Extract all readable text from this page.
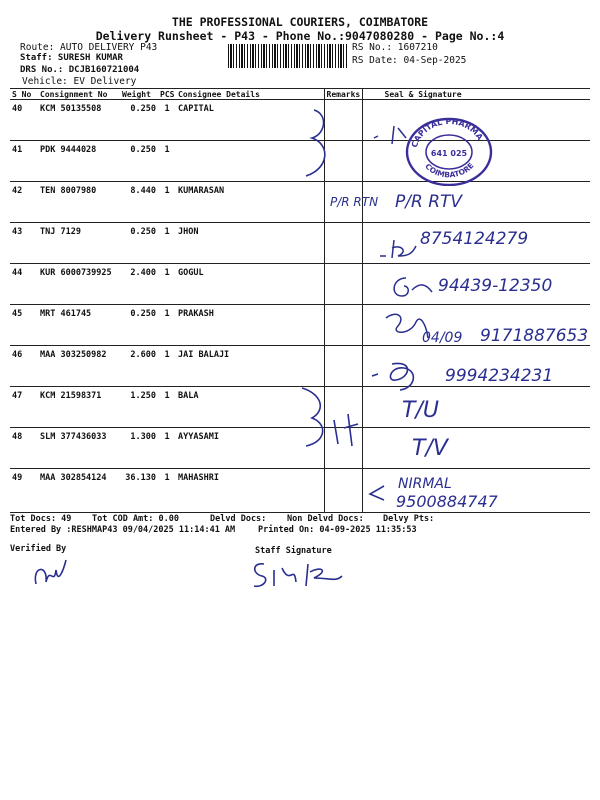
THE PROFESSIONAL COURIERS, COIMBATORE
Delivery Runsheet - P43 - Phone No.:9047080280 - Page No.:4
Route: AUTO DELIVERY P43
Staff: SURESH KUMAR
DRS No.: DCJB160721004
Vehicle: EV Delivery
RS No.: 1607210
RS Date: 04-Sep-2025
S No	Consignment No	Weight	PCS	Consignee Details	Remarks	Seal & Signature
40	KCM 50135508	0.250	1	CAPITAL		
41	PDK 9444028	0.250	1			
42	TEN 8007980	8.440	1	KUMARASAN		
43	TNJ 7129	0.250	1	JHON		
44	KUR 6000739925	2.400	1	GOGUL		
45	MRT 461745	0.250	1	PRAKASH		
46	MAA 303250982	2.600	1	JAI BALAJI		
47	KCM 21598371	1.250	1	BALA		
48	SLM 377436033	1.300	1	AYYASAMI		
49	MAA 302854124	36.130	1	MAHASHRI		
Tot Docs: 49 Tot COD Amt: 0.00	Delvd Docs: Non Delvd Docs: Delvy Pts:
Entered By :RESHMAP43 09/04/2025 11:14:41 AM	Printed On: 04-09-2025 11:35:53
Verified By	Staff Signature
CAPITAL PHARMA
COIMBATORE
641 025
P/R RTN P/R RTV
8754124279
94439-12350
04/09 9171887653
9994234231
T/U
T/V
NIRMAL
9500884747
